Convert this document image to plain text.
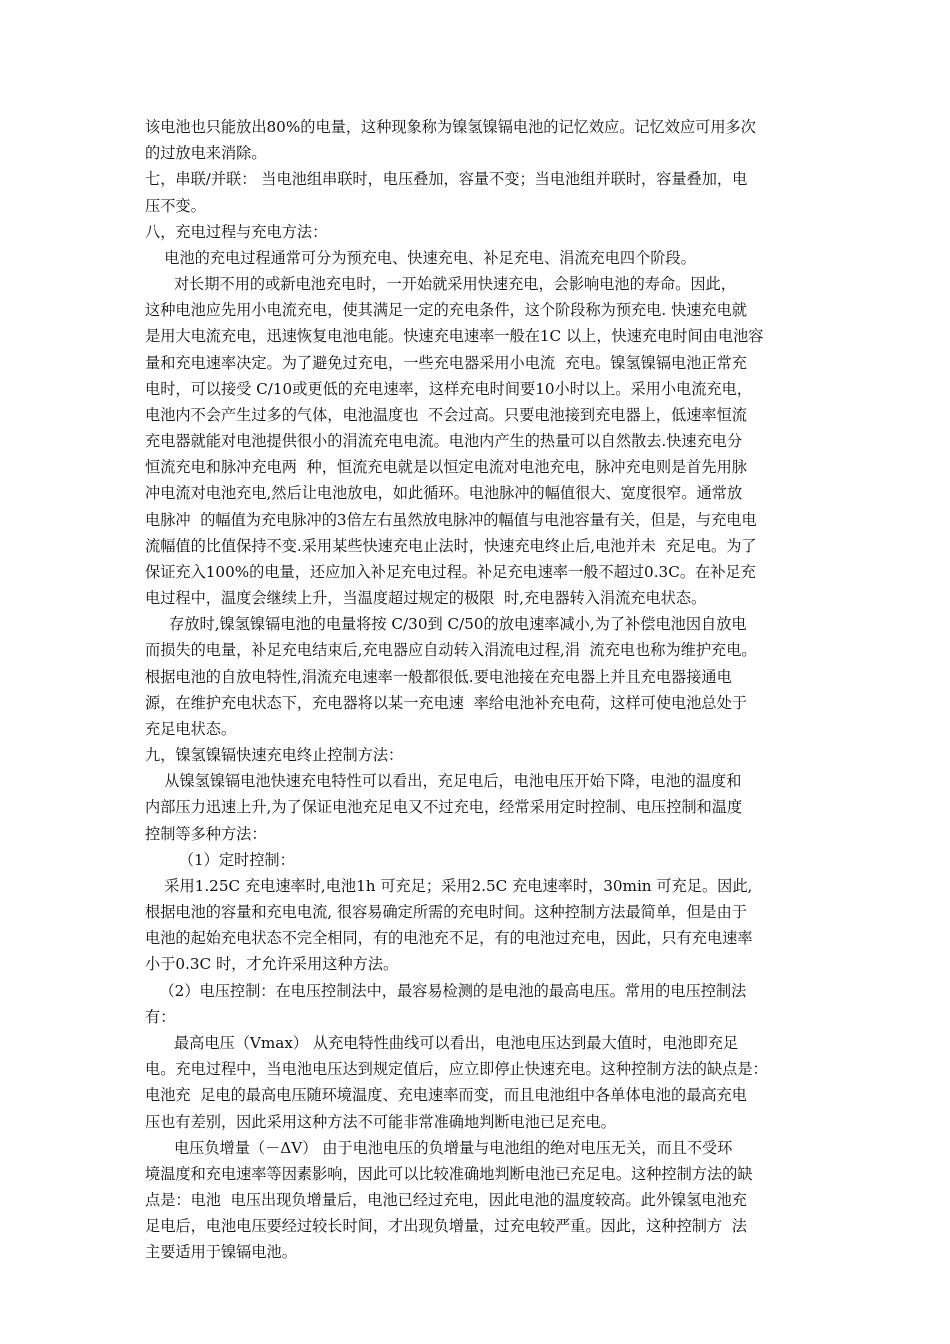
该电池也只能放出80%的电量，这种现象称为镍氢镍镉电池的记忆效应。记忆效应可用多次
的过放电来消除。
七，串联/并联： 当电池组串联时，电压叠加，容量不变；当电池组并联时，容量叠加，电
压不变。
八，充电过程与充电方法：
电池的充电过程通常可分为预充电、快速充电、补足充电、涓流充电四个阶段。
对长期不用的或新电池充电时，一开始就采用快速充电，会影响电池的寿命。因此，
这种电池应先用小电流充电，使其满足一定的充电条件，这个阶段称为预充电. 快速充电就
是用大电流充电，迅速恢复电池电能。快速充电速率一般在1C 以上，快速充电时间由电池容
量和充电速率决定。为了避免过充电，一些充电器采用小电流  充电。镍氢镍镉电池正常充
电时，可以接受 C/10或更低的充电速率，这样充电时间要10小时以上。采用小电流充电，
电池内不会产生过多的气体，电池温度也  不会过高。只要电池接到充电器上，低速率恒流
充电器就能对电池提供很小的涓流充电电流。电池内产生的热量可以自然散去.快速充电分
恒流充电和脉冲充电两  种，恒流充电就是以恒定电流对电池充电，脉冲充电则是首先用脉
冲电流对电池充电,然后让电池放电，如此循环。电池脉冲的幅值很大、宽度很窄。通常放
电脉冲  的幅值为充电脉冲的3倍左右虽然放电脉冲的幅值与电池容量有关，但是，与充电电
流幅值的比值保持不变.采用某些快速充电止法时，快速充电终止后,电池并未  充足电。为了
保证充入100%的电量，还应加入补足充电过程。补足充电速率一般不超过0.3C。在补足充
电过程中，温度会继续上升，当温度超过规定的极限  时,充电器转入涓流充电状态。
存放时,镍氢镍镉电池的电量将按 C/30到 C/50的放电速率减小,为了补偿电池因自放电
而损失的电量，补足充电结束后,充电器应自动转入涓流电过程,涓  流充电也称为维护充电。
根据电池的自放电特性,涓流充电速率一般都很低.要电池接在充电器上并且充电器接通电
源，在维护充电状态下，充电器将以某一充电速  率给电池补充电荷，这样可使电池总处于
充足电状态。
九，镍氢镍镉快速充电终止控制方法：
从镍氢镍镉电池快速充电特性可以看出，充足电后，电池电压开始下降，电池的温度和
内部压力迅速上升,为了保证电池充足电又不过充电，经常采用定时控制、电压控制和温度
控制等多种方法：
（1）定时控制：
采用1.25C 充电速率时,电池1h 可充足；采用2.5C 充电速率时，30min 可充足。因此,
根据电池的容量和充电电流, 很容易确定所需的充电时间。这种控制方法最简单，但是由于
电池的起始充电状态不完全相同，有的电池充不足，有的电池过充电，因此，只有充电速率
小于0.3C 时，才允许采用这种方法。
（2）电压控制：在电压控制法中，最容易检测的是电池的最高电压。常用的电压控制法
有：
最高电压（Vmax） 从充电特性曲线可以看出，电池电压达到最大值时，电池即充足
电。充电过程中，当电池电压达到规定值后，应立即停止快速充电。这种控制方法的缺点是：
电池充  足电的最高电压随环境温度、充电速率而变，而且电池组中各单体电池的最高充电
压也有差别，因此采用这种方法不可能非常准确地判断电池已足充电。
电压负增量（－ΔV） 由于电池电压的负增量与电池组的绝对电压无关，而且不受环
境温度和充电速率等因素影响，因此可以比较准确地判断电池已充足电。这种控制方法的缺
点是：电池  电压出现负增量后，电池已经过充电，因此电池的温度较高。此外镍氢电池充
足电后，电池电压要经过较长时间，才出现负增量，过充电较严重。因此，这种控制方  法
主要适用于镍镉电池。
